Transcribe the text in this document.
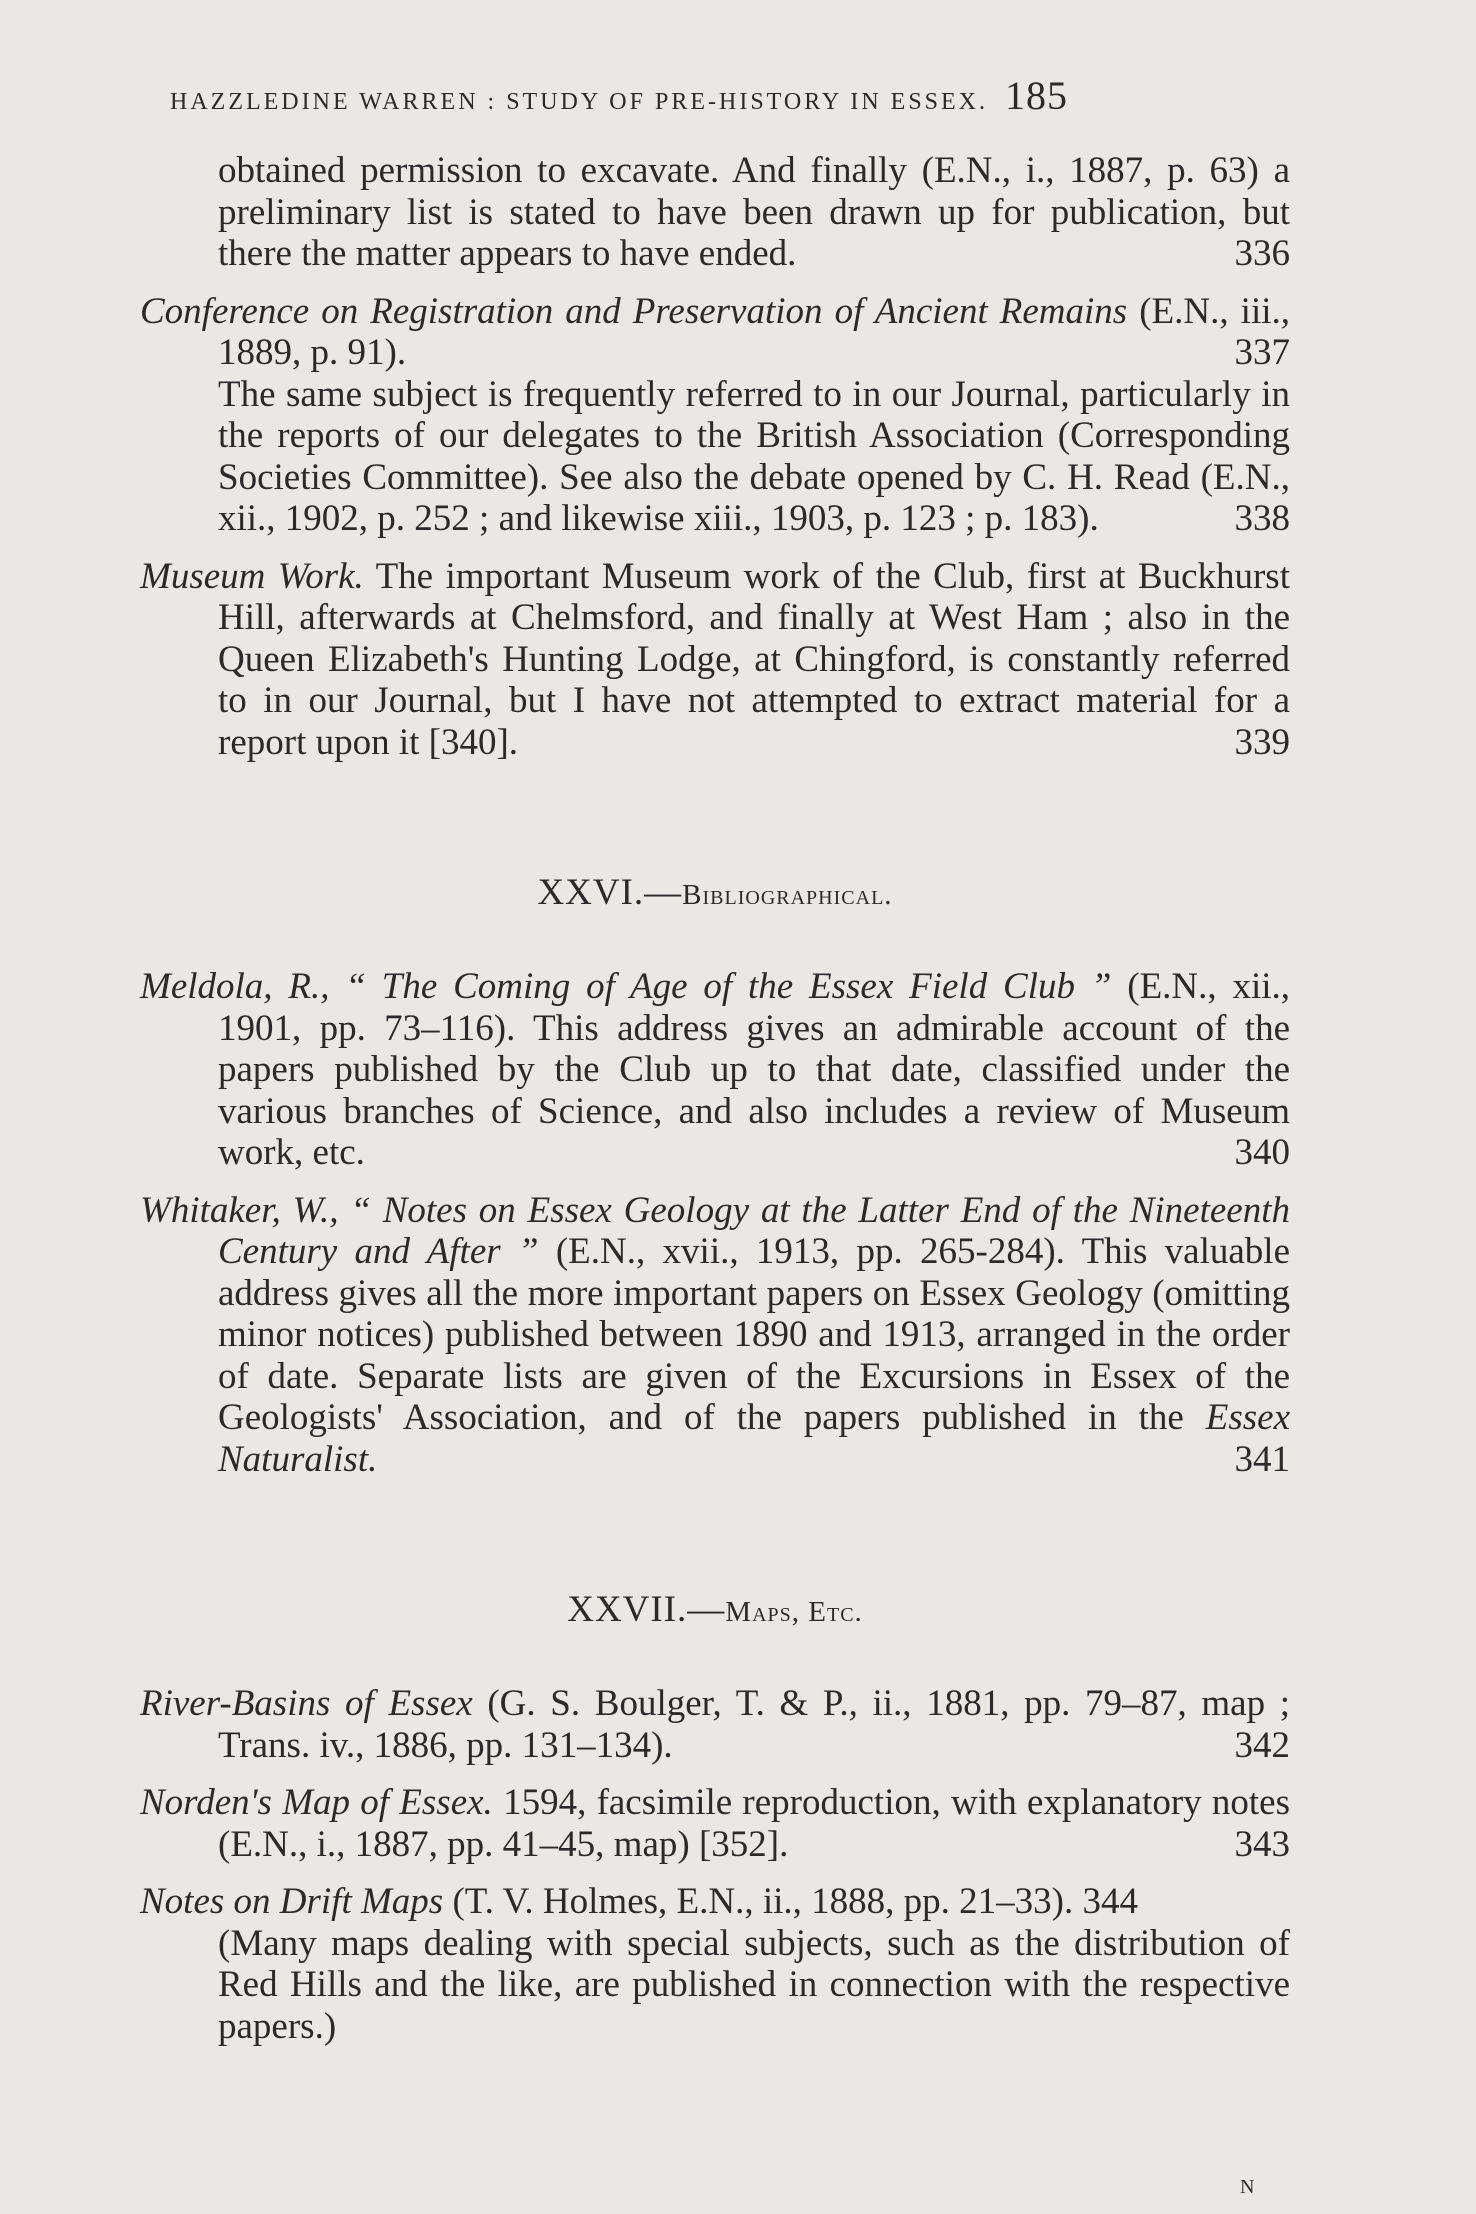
HAZZLEDINE WARREN : STUDY OF PRE-HISTORY IN ESSEX. 185

obtained permission to excavate. And finally (E.N., i., 1887, p. 63) a preliminary list is stated to have been drawn up for publication, but there the matter appears to have ended.	336

Conference on Registration and Preservation of Ancient Remains (E.N., iii., 1889, p. 91).	337

The same subject is frequently referred to in our Journal, particularly in the reports of our delegates to the British Association (Corresponding Societies Committee). See also the debate opened by C. H. Read (E.N., xii., 1902, p. 252 ; and likewise xiii., 1903, p. 123 ; p. 183).	338

Museum Work. The important Museum work of the Club, first at Buckhurst Hill, afterwards at Chelmsford, and finally at West Ham ; also in the Queen Elizabeth's Hunting Lodge, at Chingford, is constantly referred to in our Journal, but I have not attempted to extract material for a report upon it [340].	339

XXVI.—Bibliographical.

Meldola, R., “ The Coming of Age of the Essex Field Club ” (E.N., xii., 1901, pp. 73–116). This address gives an admirable account of the papers published by the Club up to that date, classified under the various branches of Science, and also includes a review of Museum work, etc.	340

Whitaker, W., “ Notes on Essex Geology at the Latter End of the Nineteenth Century and After ” (E.N., xvii., 1913, pp. 265-284). This valuable address gives all the more important papers on Essex Geology (omitting minor notices) published between 1890 and 1913, arranged in the order of date. Separate lists are given of the Excursions in Essex of the Geologists' Association, and of the papers published in the Essex Naturalist.	341

XXVII.—Maps, Etc.

River-Basins of Essex (G. S. Boulger, T. & P., ii., 1881, pp. 79–87, map ; Trans. iv., 1886, pp. 131–134).	342

Norden's Map of Essex. 1594, facsimile reproduction, with explanatory notes (E.N., i., 1887, pp. 41–45, map) [352].	343

Notes on Drift Maps (T. V. Holmes, E.N., ii., 1888, pp. 21–33). 344

(Many maps dealing with special subjects, such as the distribution of Red Hills and the like, are published in connection with the respective papers.)

N
